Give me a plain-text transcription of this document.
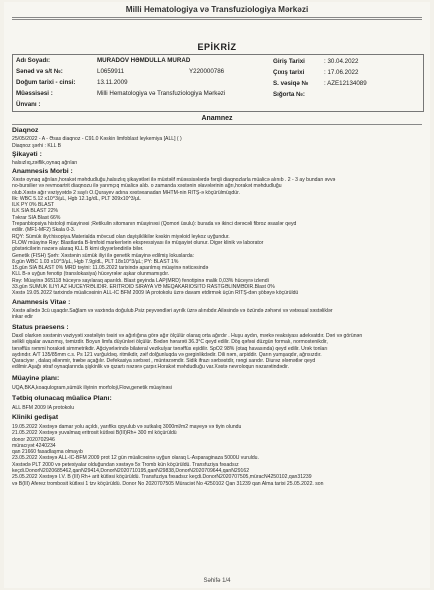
Milli Hematologiya və Transfuziologiya Mərkəzi
EPİKRİZ
Adı Soyadı:	MURADOV HƏMDULLA MURAD
Sənəd və s/t №:	L0659911	Y220000786
Doğum tarixi - cinsi:	13.11.2009
Müəssisəsi :	Milli Hematologiya və Transfuziologiya Mərkəzi
Ünvanı :
Giriş Tarixi	: 30.04.2022
Çıxış tarixi	: 17.06.2022
S. vəsiqə №	: AZE12134089
Sığorta №:
Anamnez
Diaqnoz
25/05/2022 - A - Əsas diaqnoz - C91.0 Kəskin limfoblast leykemiya [ALL] ( )
Diaqnoz şərhi : KLL B
Şikayəti :
halsızlıq,zəiflik,oynaq ağrıları
Anamnesis Morbi :
Xəstə oynaq ağrıları,horakət məhdudluğu,halsızlıq şikayətləri ilə müxtəlif müəssisələrdə fərqli diaqnozlarla müalicə alınıb . 2 - 3 ay bundan əvvə
no-bursilier və revmoartrit diaqnozu ilə yarımçıq müalicə alıb. o zamanda xəstənin əlavələrinin ağrı,horakət məhdudluğu
olub.Xəstə ağır vəziyyətdə 2 saylı O.Qurayev adına xəstəxanadan MHTM-nin RİTŞ-ə köçürülmüşdür.
İlk: WBC 5.12 x10^3/µL, Hgb 12.1g/dL, PLT 309x10^3/µL
İLK PY 0% BLAST
İLK SIA BLAST 22%
Təkrar SIA Blast 66%
Trepanbiopsiya histoloji müayinəsi ;Retikulin sitomanın müayinəsi (Qomori üsulu): burada və ikinci dərəcəli fibroz əsaslər qeyd
edilir. (MF1-MF2) Skala 0-3.
RQY: Sümük iliyi:hisopiya.Materialda mövcud olan dayişiklikilər kəskin miyəloid leykoz uyğundur.
FLOW müayinə Rəy: Blastlarda B-limfoid markerlərin ekspressiyası ilə müşayiət olunur. Digər klinik və laborator
göstəricilərin nəzərə alaraq KLL B kimi diyyərləndirilə bilər.
Genetik (FİSH) Şərh: Xəstənin sümük iliyi ilə genetik müayinə edilmiş lokuslarda:
8.gün WBC 1.03 x10^3/µL, Hgb 7.9g/dL, PLT 18x10^3/µL; PY: BLAST 1%
15.gün SİA BLAST 0% MRD təyini: 11.05.2022 tarixində aparılmış müayinə nəticəsində
KLL B-ə uyğun fenotip (translokasiya) hüceyrələr aşkar olunmamışdır.
Rəy: Müayinə 365118 hüceyrə sayılaraq aparıldı. Blast geyinda LAP(MRD) fenotipinə malik 0,03% hüceyrə izlendi
33.gün SÜMÜK İLİYİ AZ HÜCEYRƏLİDİR. ERİTROİD SIRAYA VƏ MEQAKARİOSİTO RASTGƏLİNMƏDİR.Blast 0%
Xəstə 19.05.2022 tarixində müalicəsinin ALL-IC BFM 2009 İA protokolu üzrə davam etdirmək üçün RİTŞ-dən şöbəyə köçürüldü
Anamnesis Vitae :
Xəstə ailədə 3cü uşaqdır.Sağlam və vaxtında doğulub.Psiz peyvəndləri ayrılk üzrə alınıbdır.Ailəsində və özündə zəhərvi və vətəsual xəstəliklər
inkar edir
Status praesens :
Daxil olarkən xəstənin vəziyyəti xəstəliyin təsiri və ağırlığına görə ağır ölçülür olaraq orta ağırdır . Huşu aydın, mərkə reaksiyası adekvatdır. Dəri və görünən
selikli qişalar avazımış, təmizdir. Boyun limfa düyünləri ölçülür. Bədən hərarəti 36.3°C qeyd edilir. Döş qəfəsi düzgün formalı, normostenikdir,
tənəffüs rəmmi horakəti simmetrikdir. Ağciyərlərində bilateral vezikulyar tənəffüs eşidilir. SpO2 98% (otaq havasında) qeyd edilir. Ürək tonları
aydındır. A/T 135/85mm c.s. Ps 121 vurğu/dəq. ritmikdir, zəif dolğunluqda və gərginlikdədir. Dili nəm, arpiddir. Qarın yumşaqdır, ağrısızdır.
Qaraciyər , dalaq əllənmir, træbe açağılır. Defekasiya sərbəst , müntəzəmdir. Sidik ifrazı sərbəstdir, rəngi sarıdır. Diurəz ələmətlər qeyd
edilmir.Aşağı ətraf oynaqlarında şişkinlik və qızartı nəzərə çarpır.Horakət məhdudluğu var.Xəstə nevroloqun nəzarətindədir.
Müayinə planı:
ÜQA,BKA,koaqulogram,sümük iliyinin morfoloji,Flow,genetik müayinəsi
Tətbiq olunacaq müalicə Planı:
ALL BFM 2009 İA protokolu
Kliniki gedişat
19.05.2022 Xəstəyə damar yolu açıldı, yarıfiks qoyulub və sutkalıq 3000ml/m2 mayeyə və tiyin olundu
21.05.2022 Xəstəyə yuvalmaq eritrosit kütləsi B(III)Rh+ 300 ml köçürüldü
donor 2020702946
müracıyət 4240234
qan 21660 fasadlaşma olmayıb
23.05.2022 Xəstəyə ALL-IC-BFM 2009 prot 12 gün müalicəsinə uyğun olaraq L-Asparaginaza 5000U vuruldu.
Xəstədə PLT 2000 və petexiyalar olduğundan xəstəyə 5x Tromb kün köçürüldü. Transfuziya fəsadsız
keçdi.DonorN2020685462,qanN29414,DonorN2020710195,qanN29838,DonorN2020709644,qanN29162
25.05.2022 Xəstəyə I.V. B (III) Rh+ arit kütləsi köçürüldü. Transfuziya fəsadsız keçdi.DonorN2020707505,müracN4250102,qan31239
və B(III) Aferez trombosit kütləsi 1 tzv köçürüldü. Donor No 2020707505 Müraciət No 4250102 Qan 31239 qan Alma tarixi 25.05.2022. son
Səhifə 1/4
